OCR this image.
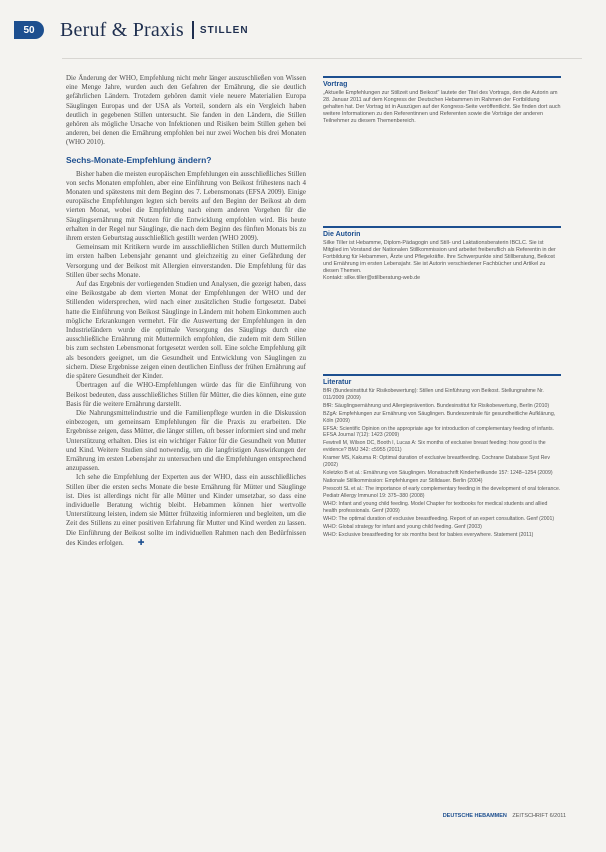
50	Beruf & Praxis STILLEN

Die Änderung der WHO, Empfehlung nicht mehr länger auszuschließen von Wissen eine Menge Jahre, wurden auch den Gefahren der Ernährung, die sie deutlich gefährlichen Ländern. Trotzdem gehören damit viele neuere Materialien Europa Säuglingen Europas und der USA als Vorteil, sondern als ein Vergleich haben deutlich in gegebenen Stillen untersucht. Sie fanden in den Ländern, die Stillen gehören als mögliche Ursache von Infektionen und Risiken beim Stillen gehen bei anderen, bei denen die Ernährung empfohlen bei nur zwei Wochen bis drei Monaten (WHO 2010).

Sechs-Monate-Empfehlung ändern?

Bisher haben die meisten europäischen Empfehlungen ein ausschließliches Stillen von sechs Monaten empfohlen, aber eine Einführung von Beikost frühestens nach 4 Monaten und spätestens mit dem Beginn des 7. Lebensmonats (EFSA 2009). Einige europäische Empfehlungen legten sich bereits auf den Beginn der Beikost ab dem vierten Monat, wobei die Empfehlung nach einem anderen Vorgehen für die Säuglingsernährung mit Nutzen für die Entwicklung empfohlen wird. Bis heute erhalten in der Regel nur Säuglinge, die nach dem Beginn des fünften Monats bis zu ihrem ersten Geburtstag ausschließlich gestillt werden (WHO 2009).

Gemeinsam mit Kritikern wurde im ausschließlichen Stillen durch Muttermilch im ersten halben Lebensjahr genannt und gleichzeitig zu einer Gefährdung der Versorgung und der Beikost mit Allergien einverstanden. Die Empfehlung für das Stillen über sechs Monate.

Auf das Ergebnis der vorliegenden Studien und Analysen, die gezeigt haben, dass eine Beikostgabe ab dem vierten Monat der Empfehlungen der WHO und der Stillenden widersprechen, wird nach einer zusätzlichen Studie fortgesetzt. Dabei hatte die Einführung von Beikost Säuglinge in Ländern mit hohem Einkommen auch mögliche Erkrankungen vermehrt. Für die Auswertung der Empfehlungen in den Industrieländern wurde die optimale Versorgung des Säuglings durch eine ausschließliche Ernährung mit Muttermilch empfohlen, die zudem mit dem Stillen bis zum sechsten Lebensmonat fortgesetzt werden soll. Eine solche Empfehlung gilt als besonders geeignet, um die Gesundheit und Entwicklung von Säuglingen zu sichern. Diese Ergebnisse zeigen einen deutlichen Einfluss der frühen Ernährung auf die spätere Gesundheit der Kinder.

Übertragen auf die WHO-Empfehlungen würde das für die Einführung von Beikost bedeuten, dass ausschließliches Stillen für Mütter, die dies können, eine gute Basis für die weitere Ernährung darstellt.

Die Nahrungsmittelindustrie und die Familienpflege wurden in die Diskussion einbezogen, um gemeinsam Empfehlungen für die Praxis zu erarbeiten. Die Ergebnisse zeigen, dass Mütter, die länger stillen, oft besser informiert sind und mehr Unterstützung erhalten. Dies ist ein wichtiger Faktor für die Gesundheit von Mutter und Kind. Weitere Studien sind notwendig, um die langfristigen Auswirkungen der Ernährung im ersten Lebensjahr zu untersuchen und die Empfehlungen entsprechend anzupassen.

Ich sehe die Empfehlung der Experten aus der WHO, dass ein ausschließliches Stillen über die ersten sechs Monate die beste Ernährung für Mütter und Säuglinge ist. Dies ist allerdings nicht für alle Mütter und Kinder umsetzbar, so dass eine individuelle Beratung wichtig bleibt. Hebammen können hier wertvolle Unterstützung leisten, indem sie Mütter frühzeitig informieren und begleiten, um die Zeit des Stillens zu einer positiven Erfahrung für Mutter und Kind werden zu lassen. Die Einführung der Beikost sollte im individuellen Rahmen nach den Bedürfnissen des Kindes erfolgen. ✚

Vortrag

„Aktuelle Empfehlungen zur Stillzeit und Beikost" lautete der Titel des Vortrags, den die Autorin am 28. Januar 2011 auf dem Kongress der Deutschen Hebammen im Rahmen der Fortbildung gehalten hat. Der Vortrag ist in Auszügen auf der Kongress-Seite veröffentlicht. Sie finden dort auch weitere Informationen zu den Referentinnen und Referenten sowie die Vorträge der anderen Teilnehmer zu diesem Themenbereich.

Die Autorin

Silke Tiller ist Hebamme, Diplom-Pädagogin und Still- und Laktationsberaterin IBCLC. Sie ist Mitglied im Vorstand der Nationalen Stillkommission und arbeitet freiberuflich als Referentin in der Fortbildung für Hebammen, Ärzte und Pflegekräfte. Ihre Schwerpunkte sind Stillberatung, Beikost und Ernährung im ersten Lebensjahr. Sie ist Autorin verschiedener Fachbücher und Artikel zu diesen Themen.

Kontakt: silke.tiller@stillberatung-web.de

Literatur

BfR (Bundesinstitut für Risikobewertung): Stillen und Einführung von Beikost. Stellungnahme Nr. 011/2009 (2009)

BfR: Säuglingsernährung und Allergieprävention. Bundesinstitut für Risikobewertung, Berlin (2010)

BZgA: Empfehlungen zur Ernährung von Säuglingen. Bundeszentrale für gesundheitliche Aufklärung, Köln (2009)

EFSA: Scientific Opinion on the appropriate age for introduction of complementary feeding of infants. EFSA Journal 7(12): 1423 (2009)

Fewtrell M, Wilson DC, Booth I, Lucas A: Six months of exclusive breast feeding: how good is the evidence? BMJ 342: c5955 (2011)

Kramer MS, Kakuma R: Optimal duration of exclusive breastfeeding. Cochrane Database Syst Rev (2002)

Koletzko B et al.: Ernährung von Säuglingen. Monatsschrift Kinderheilkunde 157: 1248–1254 (2009)

Nationale Stillkommission: Empfehlungen zur Stilldauer. Berlin (2004)

Prescott SL et al.: The importance of early complementary feeding in the development of oral tolerance. Pediatr Allergy Immunol 19: 375–380 (2008)

WHO: Infant and young child feeding. Model Chapter for textbooks for medical students and allied health professionals. Genf (2009)

WHO: The optimal duration of exclusive breastfeeding. Report of an expert consultation. Genf (2001)

WHO: Global strategy for infant and young child feeding. Genf (2003)

WHO: Exclusive breastfeeding for six months best for babies everywhere. Statement (2011)

DEUTSCHE HEBAMMEN ZEITSCHRIFT 6/2011
